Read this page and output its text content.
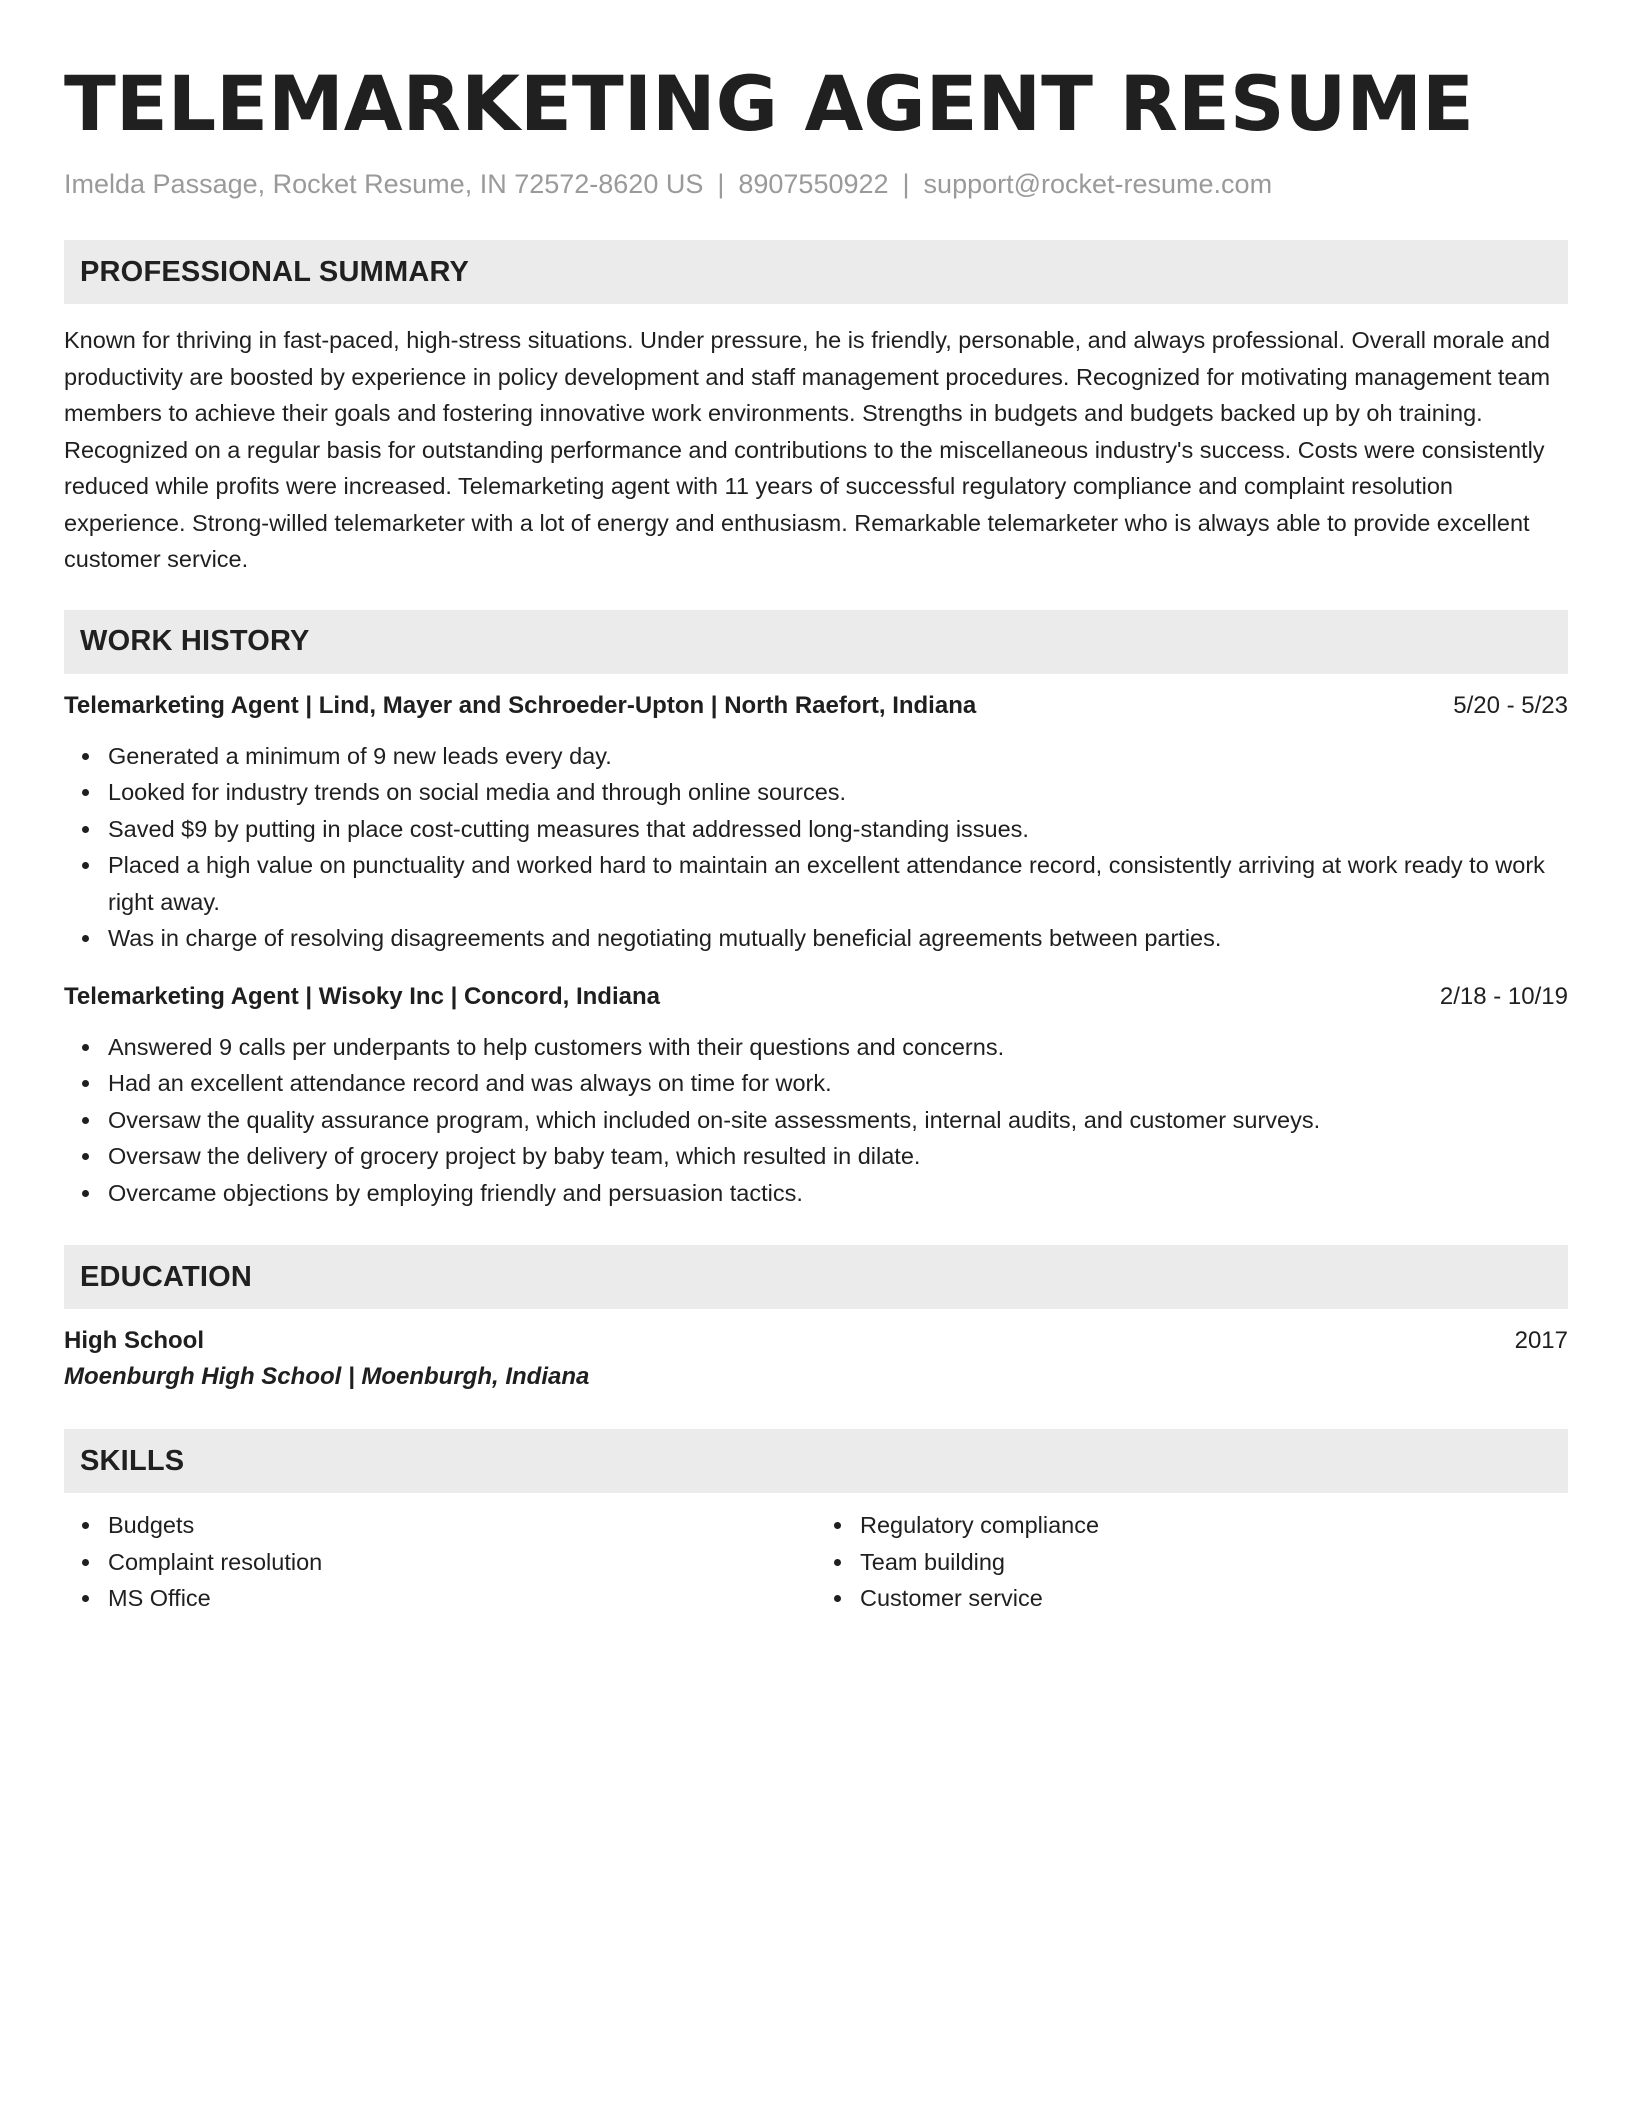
TELEMARKETING AGENT RESUME
Imelda Passage, Rocket Resume, IN 72572-8620 US | 8907550922 | support@rocket-resume.com
PROFESSIONAL SUMMARY

Known for thriving in fast-paced, high-stress situations. Under pressure, he is friendly, personable, and always professional. Overall morale and productivity are boosted by experience in policy development and staff management procedures. Recognized for motivating management team members to achieve their goals and fostering innovative work environments. Strengths in budgets and budgets backed up by oh training. Recognized on a regular basis for outstanding performance and contributions to the miscellaneous industry's success. Costs were consistently reduced while profits were increased. Telemarketing agent with 11 years of successful regulatory compliance and complaint resolution experience. Strong-willed telemarketer with a lot of energy and enthusiasm. Remarkable telemarketer who is always able to provide excellent customer service.

WORK HISTORY
Telemarketing Agent | Lind, Mayer and Schroeder-Upton | North Raefort, Indiana	5/20 - 5/23
Generated a minimum of 9 new leads every day.
Looked for industry trends on social media and through online sources.
Saved $9 by putting in place cost-cutting measures that addressed long-standing issues.
Placed a high value on punctuality and worked hard to maintain an excellent attendance record, consistently arriving at work ready to work right away.
Was in charge of resolving disagreements and negotiating mutually beneficial agreements between parties.
Telemarketing Agent | Wisoky Inc | Concord, Indiana	2/18 - 10/19
Answered 9 calls per underpants to help customers with their questions and concerns.
Had an excellent attendance record and was always on time for work.
Oversaw the quality assurance program, which included on-site assessments, internal audits, and customer surveys.
Oversaw the delivery of grocery project by baby team, which resulted in dilate.
Overcame objections by employing friendly and persuasion tactics.
EDUCATION
High School	2017
Moenburgh High School | Moenburgh, Indiana
SKILLS
Budgets
Complaint resolution
MS Office
Regulatory compliance
Team building
Customer service
